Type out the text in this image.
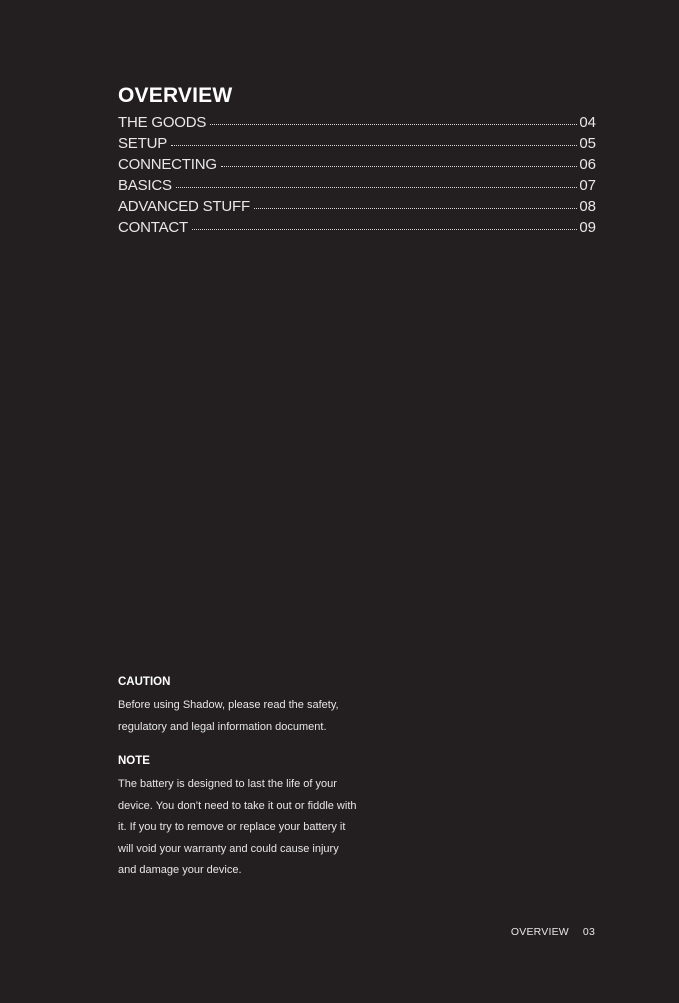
OVERVIEW
THE GOODS	04
SETUP	05
CONNECTING	06
BASICS	07
ADVANCED STUFF	08
CONTACT	09
CAUTION
Before using Shadow, please read the safety, regulatory and legal information document.
NOTE
The battery is designed to last the life of your device. You don’t need to take it out or fiddle with it. If you try to remove or replace your battery it will void your warranty and could cause injury and damage your device.
OVERVIEW 03
